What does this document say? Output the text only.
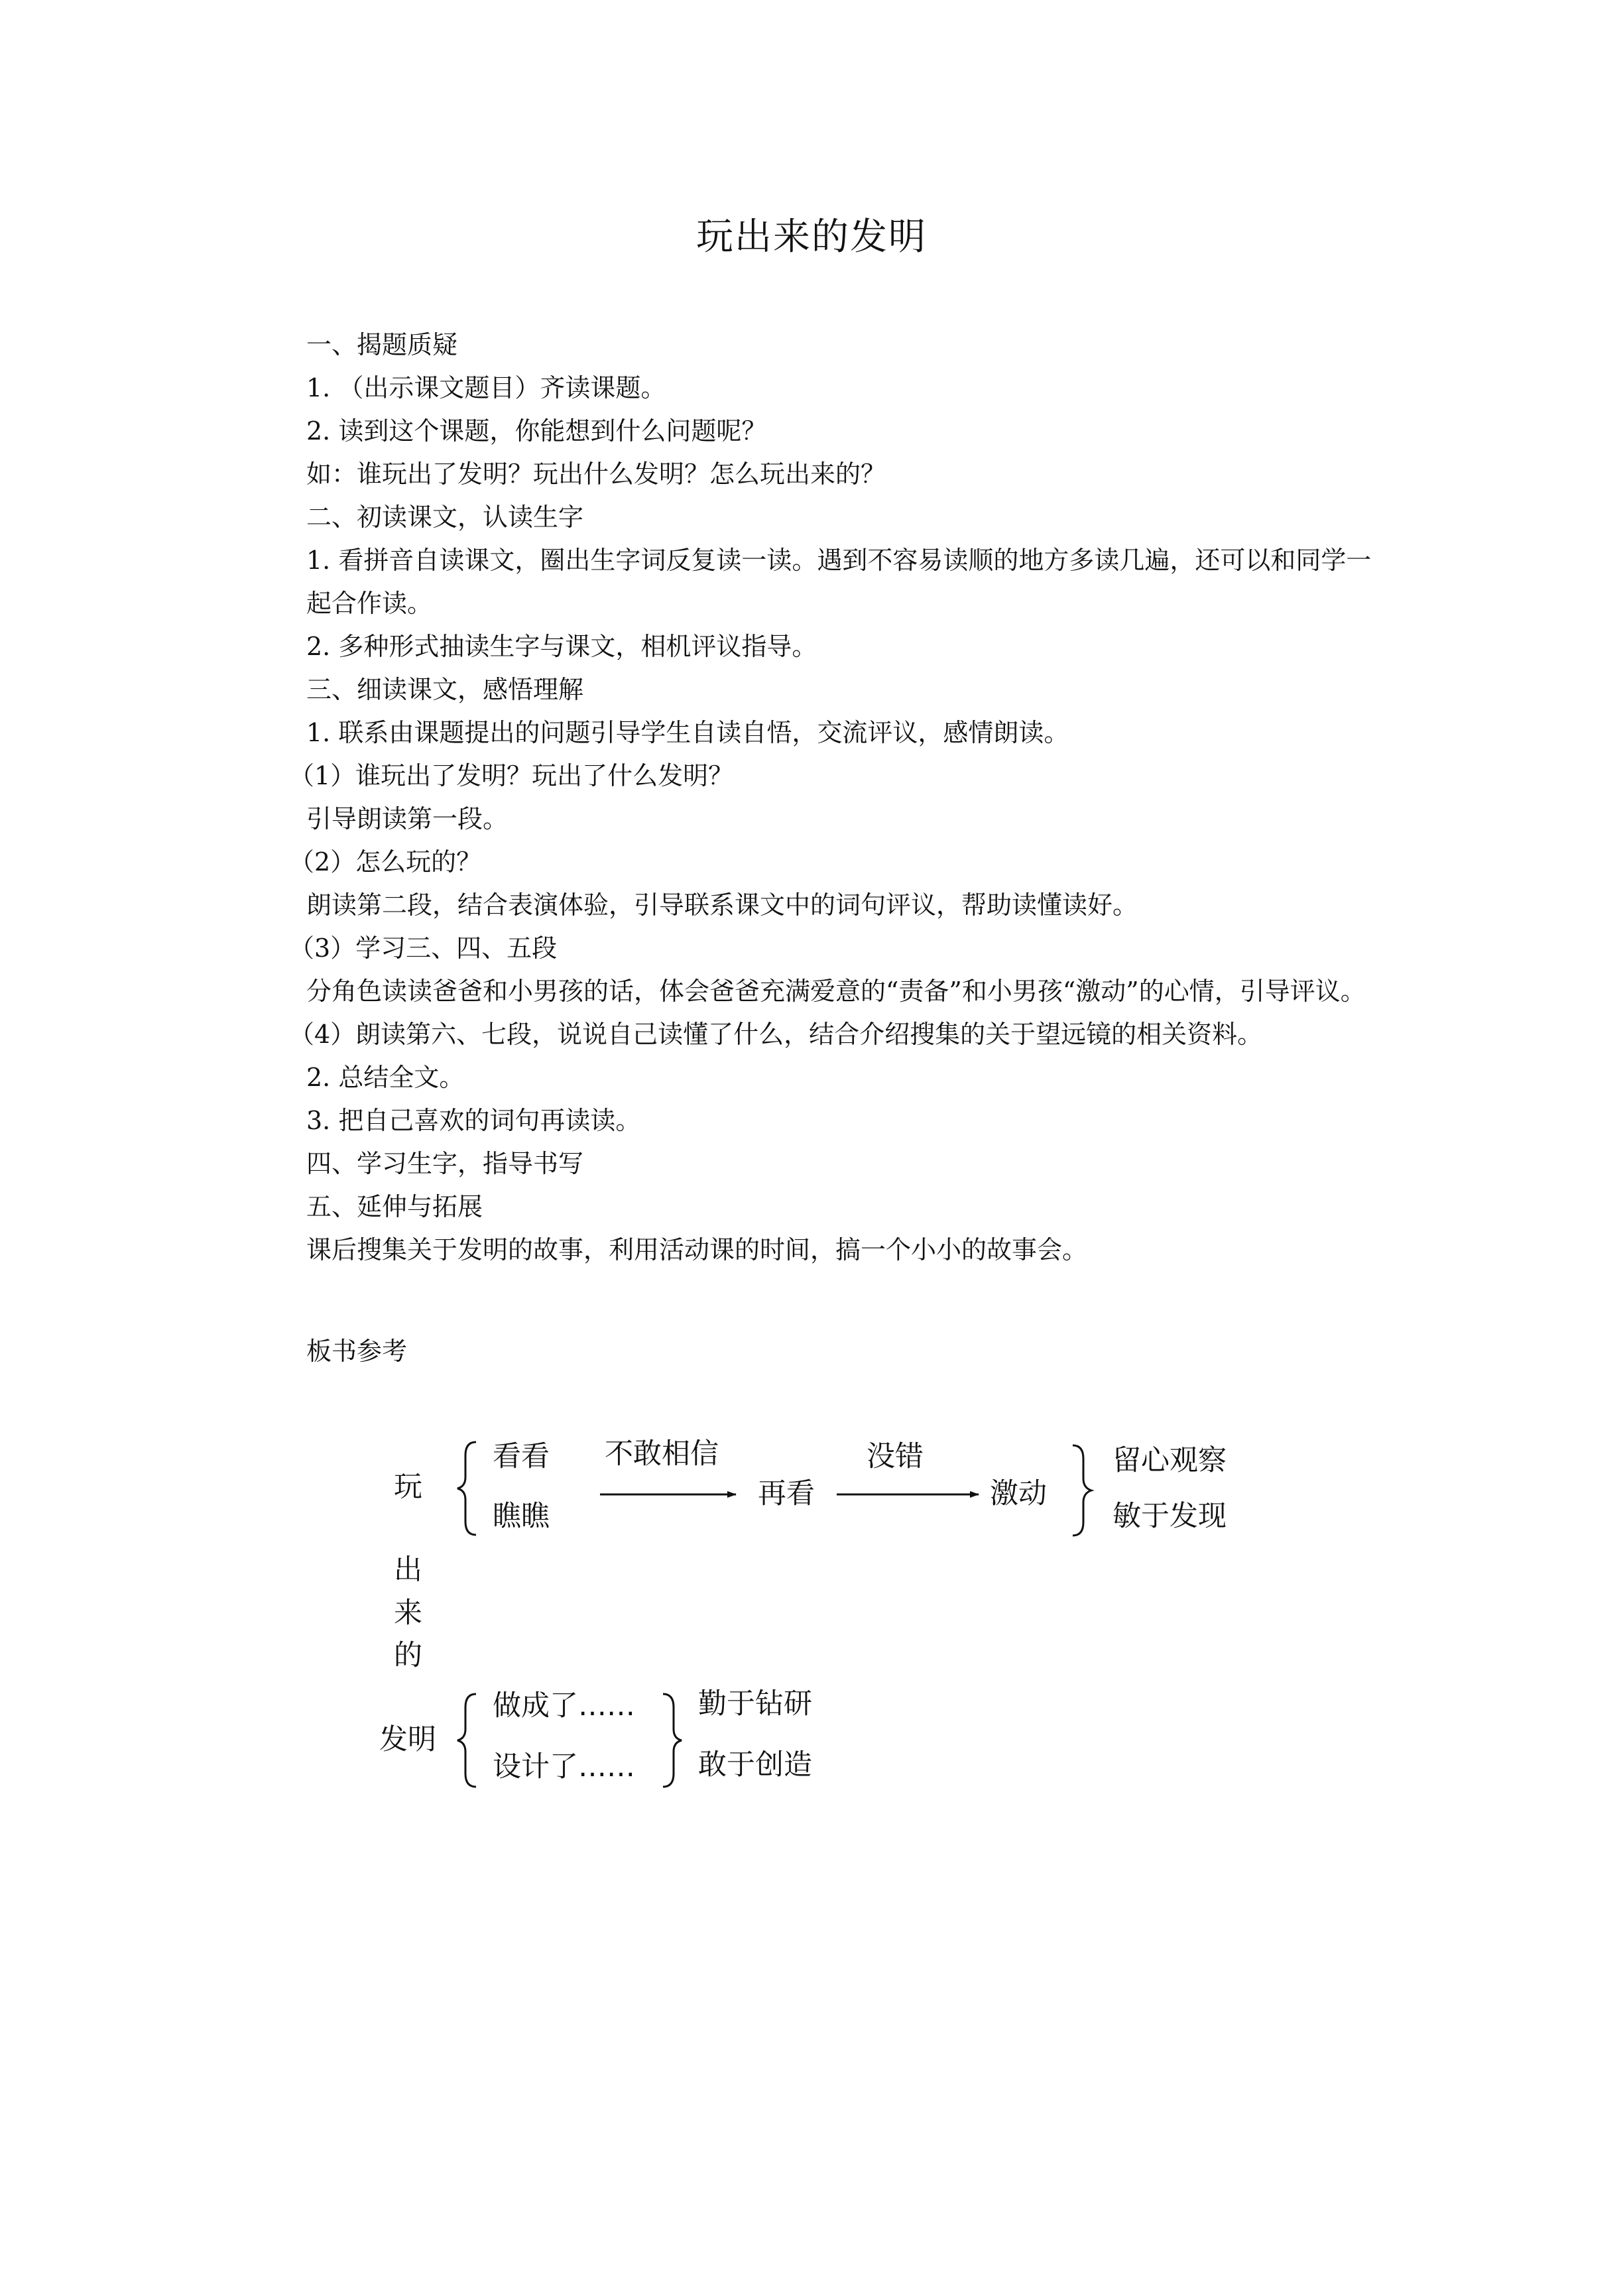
玩出来的发明

一、揭题质疑

1. （出示课文题目）齐读课题。

2. 读到这个课题，你能想到什么问题呢？

如：谁玩出了发明？玩出什么发明？怎么玩出来的？

二、初读课文，认读生字

1. 看拼音自读课文，圈出生字词反复读一读。遇到不容易读顺的地方多读几遍，还可以和同学一起合作读。

2. 多种形式抽读生字与课文，相机评议指导。

三、细读课文，感悟理解

1. 联系由课题提出的问题引导学生自读自悟，交流评议，感情朗读。

（1）谁玩出了发明？玩出了什么发明？

引导朗读第一段。

（2）怎么玩的？

朗读第二段，结合表演体验，引导联系课文中的词句评议，帮助读懂读好。

（3）学习三、四、五段

分角色读读爸爸和小男孩的话，体会爸爸充满爱意的“责备”和小男孩“激动”的心情，引导评议。

（4）朗读第六、七段，说说自己读懂了什么，结合介绍搜集的关于望远镜的相关资料。

2. 总结全文。

3. 把自己喜欢的词句再读读。

四、学习生字，指导书写

五、延伸与拓展

课后搜集关于发明的故事，利用活动课的时间，搞一个小小的故事会。

板书参考

玩
出
来
的
发明
看看
瞧瞧
不敢相信
再看
没错
激动
留心观察
敏于发现
做成了……
设计了……
勤于钻研
敢于创造
